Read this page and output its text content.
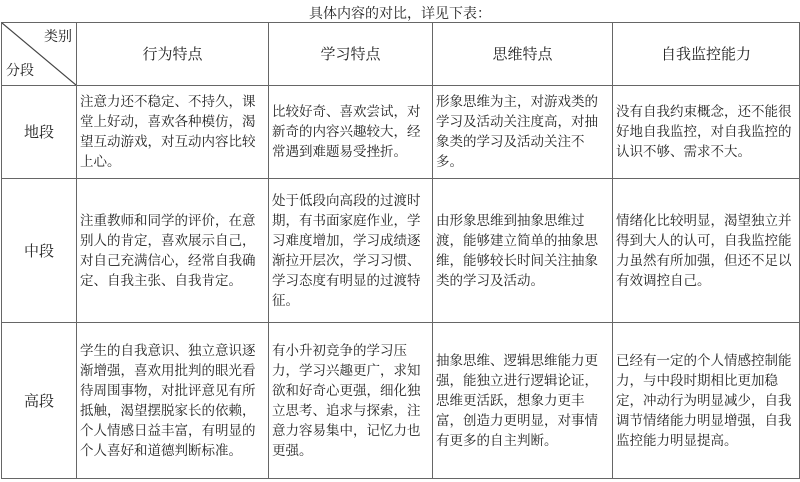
具体内容的对比，详见下表：
类别
分段	行为特点	学习特点	思维特点	自我监控能力
地段	注意力还不稳定、不持久，课堂上好动，喜欢各种模仿，渴望互动游戏，对互动内容比较上心。	比较好奇、喜欢尝试，对新奇的内容兴趣较大，经常遇到难题易受挫折。	形象思维为主，对游戏类的学习及活动关注度高，对抽象类的学习及活动关注不多。	没有自我约束概念，还不能很好地自我监控，对自我监控的认识不够、需求不大。
中段	注重教师和同学的评价，在意别人的肯定，喜欢展示自己，对自己充满信心，经常自我确定、自我主张、自我肯定。	处于低段向高段的过渡时期，有书面家庭作业，学习难度增加，学习成绩逐渐拉开层次，学习习惯、学习态度有明显的过渡特征。	由形象思维到抽象思维过渡，能够建立简单的抽象思维，能够较长时间关注抽象类的学习及活动。	情绪化比较明显，渴望独立并得到大人的认可，自我监控能力虽然有所加强，但还不足以有效调控自己。
高段	学生的自我意识、独立意识逐渐增强，喜欢用批判的眼光看待周围事物，对批评意见有所抵触，渴望摆脱家长的依赖，个人情感日益丰富，有明显的个人喜好和道德判断标准。	有小升初竞争的学习压力，学习兴趣更广，求知欲和好奇心更强，细化独立思考、追求与探索，注意力容易集中，记忆力也更强。	抽象思维、逻辑思维能力更强，能独立进行逻辑论证，思维更活跃，想象力更丰富，创造力更明显，对事情有更多的自主判断。	已经有一定的个人情感控制能力，与中段时期相比更加稳定，冲动行为明显减少，自我调节情绪能力明显增强，自我监控能力明显提高。
